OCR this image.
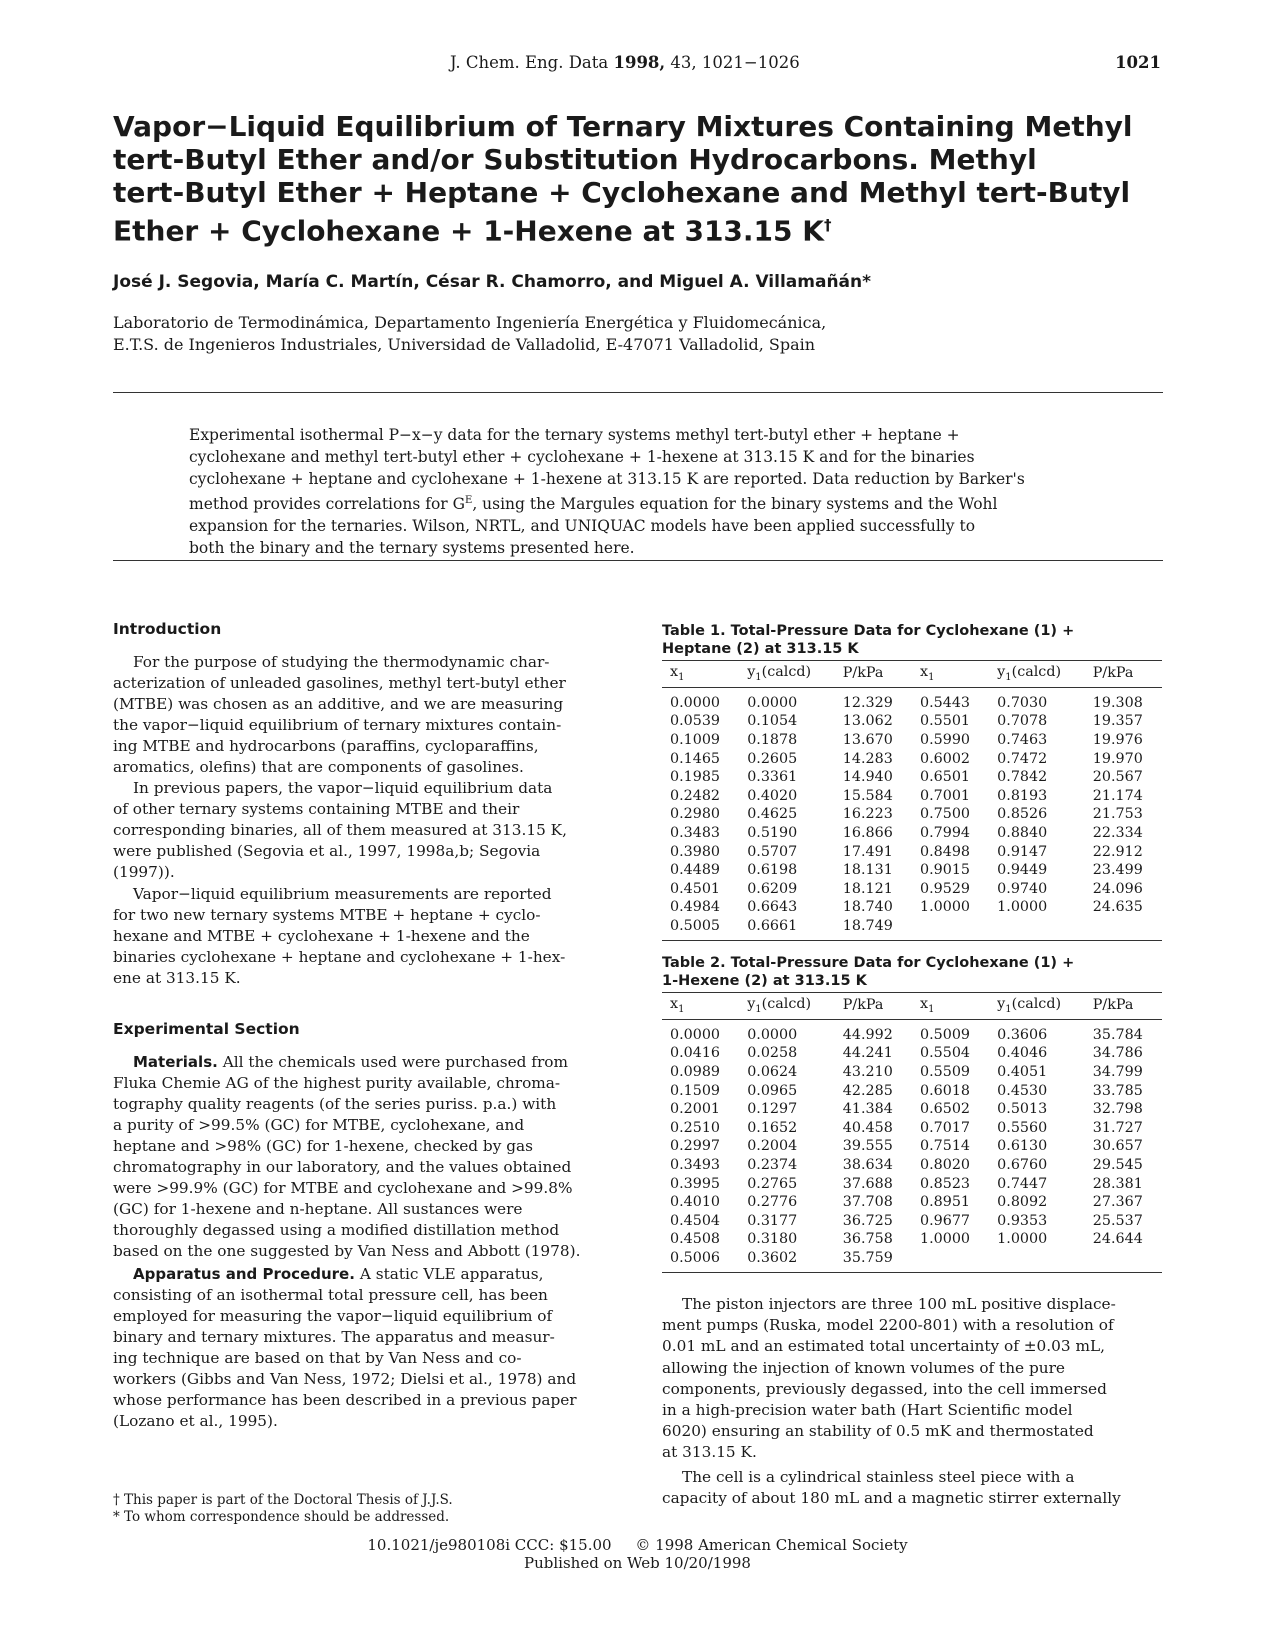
J. Chem. Eng. Data 1998, 43, 1021−1026	1021
Vapor−Liquid Equilibrium of Ternary Mixtures Containing Methyl
tert-Butyl Ether and/or Substitution Hydrocarbons. Methyl
tert-Butyl Ether + Heptane + Cyclohexane and Methyl tert-Butyl
Ether + Cyclohexane + 1-Hexene at 313.15 K†
José J. Segovia, María C. Martín, César R. Chamorro, and Miguel A. Villamañán*
Laboratorio de Termodinámica, Departamento Ingeniería Energética y Fluidomecánica,
E.T.S. de Ingenieros Industriales, Universidad de Valladolid, E-47071 Valladolid, Spain
Experimental isothermal P−x−y data for the ternary systems methyl tert-butyl ether + heptane +
cyclohexane and methyl tert-butyl ether + cyclohexane + 1-hexene at 313.15 K and for the binaries
cyclohexane + heptane and cyclohexane + 1-hexene at 313.15 K are reported. Data reduction by Barker's
method provides correlations for $G^E$, using the Margules equation for the binary systems and the Wohl
expansion for the ternaries. Wilson, NRTL, and UNIQUAC models have been applied successfully to
both the binary and the ternary systems presented here.
Introduction
For the purpose of studying the thermodynamic char-
acterization of unleaded gasolines, methyl tert-butyl ether
(MTBE) was chosen as an additive, and we are measuring
the vapor−liquid equilibrium of ternary mixtures contain-
ing MTBE and hydrocarbons (paraffins, cycloparaffins,
aromatics, olefins) that are components of gasolines.
In previous papers, the vapor−liquid equilibrium data
of other ternary systems containing MTBE and their
corresponding binaries, all of them measured at 313.15 K,
were published (Segovia et al., 1997, 1998a,b; Segovia
(1997)).
Vapor−liquid equilibrium measurements are reported
for two new ternary systems MTBE + heptane + cyclo-
hexane and MTBE + cyclohexane + 1-hexene and the
binaries cyclohexane + heptane and cyclohexane + 1-hex-
ene at 313.15 K.
Experimental Section
Materials. All the chemicals used were purchased from
Fluka Chemie AG of the highest purity available, chroma-
tography quality reagents (of the series puriss. p.a.) with
a purity of >99.5% (GC) for MTBE, cyclohexane, and
heptane and >98% (GC) for 1-hexene, checked by gas
chromatography in our laboratory, and the values obtained
were >99.9% (GC) for MTBE and cyclohexane and >99.8%
(GC) for 1-hexene and n-heptane. All sustances were
thoroughly degassed using a modified distillation method
based on the one suggested by Van Ness and Abbott (1978).
Apparatus and Procedure. A static VLE apparatus,
consisting of an isothermal total pressure cell, has been
employed for measuring the vapor−liquid equilibrium of
binary and ternary mixtures. The apparatus and measur-
ing technique are based on that by Van Ness and co-
workers (Gibbs and Van Ness, 1972; Dielsi et al., 1978) and
whose performance has been described in a previous paper
(Lozano et al., 1995).
† This paper is part of the Doctoral Thesis of J.J.S.
* To whom correspondence should be addressed.
Table 1. Total-Pressure Data for Cyclohexane (1) +
Heptane (2) at 313.15 K
$x_1$	$y_1(calcd)$	P/kPa	$x_1$	$y_1(calcd)$	P/kPa
0.0000	0.0000	12.329	0.5443	0.7030	19.308
0.0539	0.1054	13.062	0.5501	0.7078	19.357
0.1009	0.1878	13.670	0.5990	0.7463	19.976
0.1465	0.2605	14.283	0.6002	0.7472	19.970
0.1985	0.3361	14.940	0.6501	0.7842	20.567
0.2482	0.4020	15.584	0.7001	0.8193	21.174
0.2980	0.4625	16.223	0.7500	0.8526	21.753
0.3483	0.5190	16.866	0.7994	0.8840	22.334
0.3980	0.5707	17.491	0.8498	0.9147	22.912
0.4489	0.6198	18.131	0.9015	0.9449	23.499
0.4501	0.6209	18.121	0.9529	0.9740	24.096
0.4984	0.6643	18.740	1.0000	1.0000	24.635
0.5005	0.6661	18.749			
Table 2. Total-Pressure Data for Cyclohexane (1) +
1-Hexene (2) at 313.15 K
$x_1$	$y_1(calcd)$	P/kPa	$x_1$	$y_1(calcd)$	P/kPa
0.0000	0.0000	44.992	0.5009	0.3606	35.784
0.0416	0.0258	44.241	0.5504	0.4046	34.786
0.0989	0.0624	43.210	0.5509	0.4051	34.799
0.1509	0.0965	42.285	0.6018	0.4530	33.785
0.2001	0.1297	41.384	0.6502	0.5013	32.798
0.2510	0.1652	40.458	0.7017	0.5560	31.727
0.2997	0.2004	39.555	0.7514	0.6130	30.657
0.3493	0.2374	38.634	0.8020	0.6760	29.545
0.3995	0.2765	37.688	0.8523	0.7447	28.381
0.4010	0.2776	37.708	0.8951	0.8092	27.367
0.4504	0.3177	36.725	0.9677	0.9353	25.537
0.4508	0.3180	36.758	1.0000	1.0000	24.644
0.5006	0.3602	35.759			
The piston injectors are three 100 mL positive displace-
ment pumps (Ruska, model 2200-801) with a resolution of
0.01 mL and an estimated total uncertainty of ±0.03 mL,
allowing the injection of known volumes of the pure
components, previously degassed, into the cell immersed
in a high-precision water bath (Hart Scientific model
6020) ensuring an stability of 0.5 mK and thermostated
at 313.15 K.
The cell is a cylindrical stainless steel piece with a
capacity of about 180 mL and a magnetic stirrer externally
10.1021/je980108i CCC: $15.00     © 1998 American Chemical Society
Published on Web 10/20/1998
